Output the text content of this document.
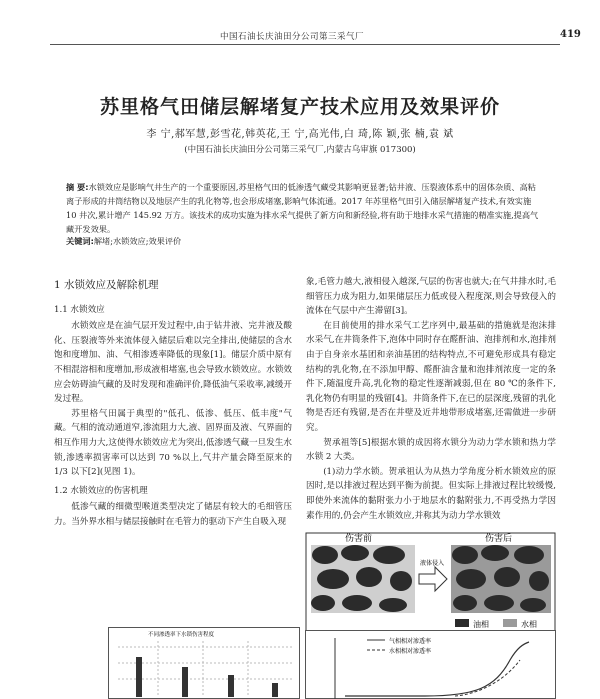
中国石油长庆油田分公司第三采气厂	419
苏里格气田储层解堵复产技术应用及效果评价
李 宁,郝军慧,彭雪花,韩英花,王 宁,高光伟,白 琦,陈 颖,张 楠,袁 斌
(中国石油长庆油田分公司第三采气厂,内蒙古乌审旗 017300)
摘 要:水锁效应是影响气井生产的一个重要原因,苏里格气田的低渗透气藏受其影响更显著;钻井液、压裂液体系中的固体杂质、高粘离子形成的井筒结物以及地层产生的乳化物等,也会形成堵塞,影响气体流通。2017 年苏里格气田引入储层解堵复产技术,有效实施 10 井次,累计增产 145.92 万方。该技术的成功实施为排水采气提供了新方向和新经验,将有助于地排水采气措施的精准实施,提高气藏开发效果。
关键词:解堵;水锁效应;效果评价
1 水锁效应及解除机理
1.1 水锁效应

水锁效应是在油气层开发过程中,由于钻井液、完井液及酸化、压裂液等外来流体侵入储层后难以完全排出,使储层的含水饱和度增加、油、气相渗透率降低的现象[1]。储层介质中原有不相混溶相和度增加,形成液相堵塞,也会导致水锁效应。水锁效应会妨碍油气藏的及时发现和准确评价,降低油气采收率,减缓开发过程。

苏里格气田属于典型的"低孔、低渗、低压、低丰度"气藏。气相的流动通道窄,渗流阻力大,液、固界面及液、气界面的相互作用力大,这使得水锁效应尤为突出,低渗透气藏一旦发生水锁,渗透率损害率可以达到 70 %以上,气井产量会降至原来的 1/3 以下[2](见图 1)。

1.2 水锁效应的伤害机理

低渗气藏的细微型喉道类型决定了储层有较大的毛细管压力。当外界水相与储层接触时在毛管力的驱动下产生自吸入现

象,毛管力越大,液相侵入越深,气层的伤害也就大;在气井排水时,毛细管压力成为阻力,如果储层压力低或侵入程度深,则会导致侵入的流体在气层中产生滞留[3]。

在目前使用的排水采气工艺序列中,最基础的措施就是泡沫排水采气,在井筒条件下,泡体中同时存在醛酐油、泡排剂和水,泡排剂由于自身亲水基团和亲油基团的结构特点,不可避免形成具有稳定结构的乳化物,在不添加甲醇、醛酐油含量和泡排剂浓度一定的条件下,随温度升高,乳化物的稳定性逐渐减弱,但在 80 ℃的条件下,乳化物仍有明显的残留[4]。井筒条件下,在已的层深度,残留的乳化物是否还有残留,是否在井壁及近井地带形成堵塞,还需做进一步研究。

贺承祖等[5]根据水锁的成因将水锁分为动力学水锁和热力学水锁 2 大类。

(1)动力学水锁。贺承祖认为从热力学角度分析水锁效应的原因时,是以排液过程达到平衡为前提。但实际上排液过程比较缓慢,即使外来流体的黏附张力小于地层水的黏附张力,不再受热力学因素作用的,仍会产生水锁效应,并称其为动力学水锁效

伤害前	伤害后
液体侵入
油相	水相
不同渗透率下水锁伤害程度
气相相对渗透率
水相相对渗透率
